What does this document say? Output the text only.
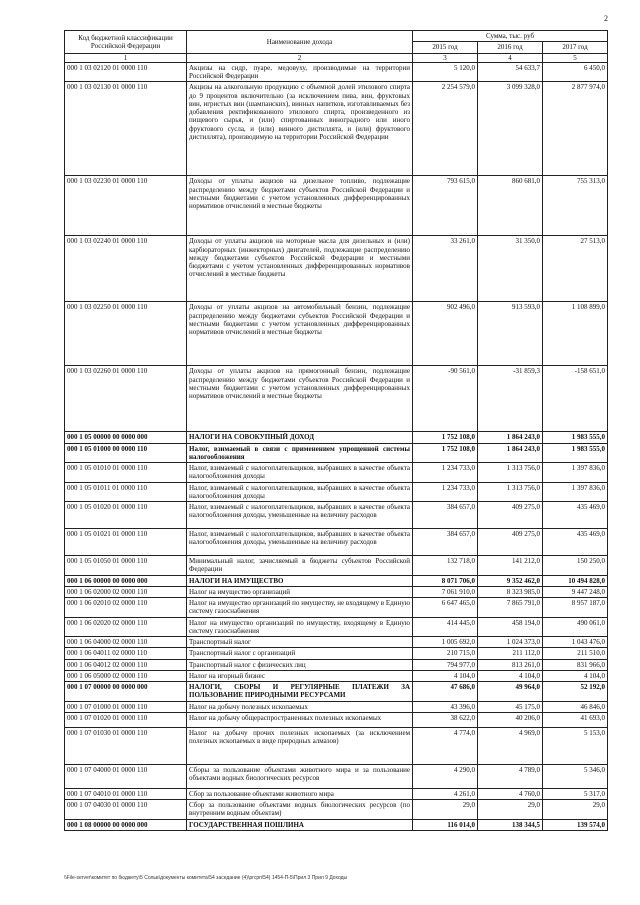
2
Код бюджетной классификации Российской Федерации	Наименование дохода	Сумма, тыс. руб		
		2015 год	2016 год	2017 год
1	2	3	4	5
000 1 03 02120 01 0000 110	Акцизы на сидр, пуаре, медовуху, производимые на территории Российской Федерации	5 120,0	54 633,7	6 450,0
000 1 03 02130 01 0000 110	Акцизы на алкогольную продукцию с объемной долей этилового спирта до 9 процентов включительно (за исключением пива, вин, фруктовых вин, игристых вин (шампанских), винных напитков, изготавливаемых без добавления ректификованного этилового спирта, произведенного из пищевого сырья, и (или) спиртованных виноградного или иного фруктового сусла, и (или) винного дистиллята, и (или) фруктового дистиллята), производимую на территории Российской Федерации	2 254 579,0	3 099 328,0	2 877 974,0
000 1 03 02230 01 0000 110	Доходы от уплаты акцизов на дизельное топливо, подлежащие распределению между бюджетами субъектов Российской Федерации и местными бюджетами с учетом установленных дифференцированных нормативов отчислений в местные бюджеты	793 615,0	860 681,0	755 313,0
000 1 03 02240 01 0000 110	Доходы от уплаты акцизов на моторные масла для дизельных и (или) карбюраторных (инжекторных) двигателей, подлежащие распределению между бюджетами субъектов Российской Федерации и местными бюджетами с учетом установленных дифференцированных нормативов отчислений в местные бюджеты	33 261,0	31 350,0	27 513,0
000 1 03 02250 01 0000 110	Доходы от уплаты акцизов на автомобильный бензин, подлежащие распределению между бюджетами субъектов Российской Федерации и местными бюджетами с учетом установленных дифференцированных нормативов отчислений в местные бюджеты	902 496,0	913 593,0	1 108 899,0
000 1 03 02260 01 0000 110	Доходы от уплаты акцизов на прямогонный бензин, подлежащие распределению между бюджетами субъектов Российской Федерации и местными бюджетами с учетом установленных дифференцированных нормативов отчислений в местные бюджеты	-90 561,0	-31 859,3	-158 651,0
000 1 05 00000 00 0000 000	НАЛОГИ НА СОВОКУПНЫЙ ДОХОД	1 752 108,0	1 864 243,0	1 983 555,0
000 1 05 01000 00 0000 110	Налог, взимаемый в связи с применением упрощенной системы налогообложения	1 752 108,0	1 864 243,0	1 983 555,0
000 1 05 01010 01 0000 110	Налог, взимаемый с налогоплательщиков, выбравших в качестве объекта налогообложения доходы	1 234 733,0	1 313 756,0	1 397 836,0
000 1 05 01011 01 0000 110	Налог, взимаемый с налогоплательщиков, выбравших в качестве объекта налогообложения доходы	1 234 733,0	1 313 756,0	1 397 836,0
000 1 05 01020 01 0000 110	Налог, взимаемый с налогоплательщиков, выбравших в качестве объекта налогообложения доходы, уменьшенные на величину расходов	384 657,0	409 275,0	435 469,0
000 1 05 01021 01 0000 110	Налог, взимаемый с налогоплательщиков, выбравших в качестве объекта налогообложения доходы, уменьшенные на величину расходов	384 657,0	409 275,0	435 469,0
000 1 05 01050 01 0000 110	Минимальный налог, зачисляемый в бюджеты субъектов Российской Федерации	132 718,0	141 212,0	150 250,0
000 1 06 00000 00 0000 000	НАЛОГИ НА ИМУЩЕСТВО	8 071 706,0	9 352 462,0	10 494 828,0
000 1 06 02000 02 0000 110	Налог на имущество организаций	7 061 910,0	8 323 985,0	9 447 248,0
000 1 06 02010 02 0000 110	Налог на имущество организаций по имуществу, не входящему в Единую систему газоснабжения	6 647 465,0	7 865 791,0	8 957 187,0
000 1 06 02020 02 0000 110	Налог на имущество организаций по имуществу, входящему в Единую систему газоснабжения	414 445,0	458 194,0	490 061,0
000 1 06 04000 02 0000 110	Транспортный налог	1 005 692,0	1 024 373,0	1 043 476,0
000 1 06 04011 02 0000 110	Транспортный налог с организаций	210 715,0	211 112,0	211 510,0
000 1 06 04012 02 0000 110	Транспортный налог с физических лиц	794 977,0	813 261,0	831 966,0
000 1 06 05000 02 0000 110	Налог на игорный бизнес	4 104,0	4 104,0	4 104,0
000 1 07 00000 00 0000 000	НАЛОГИ, СБОРЫ И РЕГУЛЯРНЫЕ ПЛАТЕЖИ ЗА ПОЛЬЗОВАНИЕ ПРИРОДНЫМИ РЕСУРСАМИ	47 686,0	49 964,0	52 192,0
000 1 07 01000 01 0000 110	Налог на добычу полезных ископаемых	43 396,0	45 175,0	46 846,0
000 1 07 01020 01 0000 110	Налог на добычу общераспространенных полезных ископаемых	38 622,0	40 206,0	41 693,0
000 1 07 01030 01 0000 110	Налог на добычу прочих полезных ископаемых (за исключением полезных ископаемых в виде природных алмазов)	4 774,0	4 969,0	5 153,0
000 1 07 04000 01 0000 110	Сборы за пользование объектами животного мира и за пользование объектами водных биологических ресурсов	4 290,0	4 789,0	5 346,0
000 1 07 04010 01 0000 110	Сбор за пользование объектами животного мира	4 261,0	4 760,0	5 317,0
000 1 07 04030 01 0000 110	Сбор за пользование объектами водных биологических ресурсов (по внутренним водным объектам)	29,0	29,0	29,0
000 1 08 00000 00 0000 000	ГОСУДАРСТВЕННАЯ ПОШЛИНА	116 014,0	138 344,5	139 574,0
\\File-server\комитет по бюджету\5 Сольв\документы комитета\54 заседание (4)\ргсрп\54) 1454-П-5\Прил 3 Прил 9 Доходы
